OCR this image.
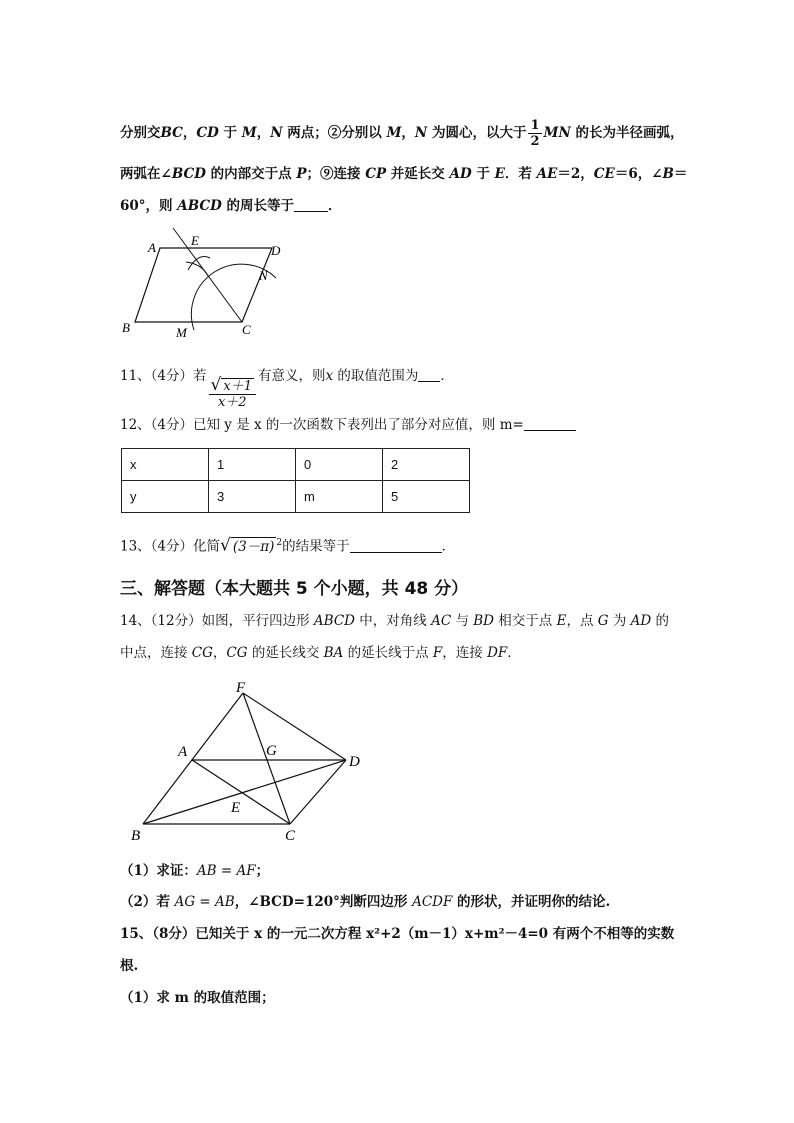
分别交BC，CD 于 M，N 两点；②分别以 M，N 为圆心，以大于 $\frac{1}{2}$ MN 的长为半径画弧，
两弧在∠BCD 的内部交于点 P；⑨连接 CP 并延长交 AD 于 E．若 AE＝2，CE＝6，∠B＝
60°，则 ABCD 的周长等于	．
A	E
D
N
B	M	C
11、（4分）若
$\frac{√ x+1}{x+2}$
有意义，则x 的取值范围为 ．
12、（4分）已知 y 是 x 的一次函数下表列出了部分对应值，则 m=
x	1	0	2
y	3	m	5
13、（4分）化简√ (3－π) $^2$的结果等于	．
三、解答题（本大题共 5 个小题，共 48 分）
14、（12分）如图，平行四边形 ABCD 中，对角线 AC 与 BD 相交于点 E，点 G 为 AD 的
中点，连接 CG，CG 的延长线交 BA 的延长线于点 F，连接 DF．
F
A	G
D
E
B	C
（1）求证：AB = AF；
（2）若 AG = AB，∠BCD=120°判断四边形 ACDF 的形状，并证明你的结论.
15、（8分）已知关于 x 的一元二次方程 x²+2（m－1）x+m²－4=0 有两个不相等的实数
根.
（1）求 m 的取值范围；
